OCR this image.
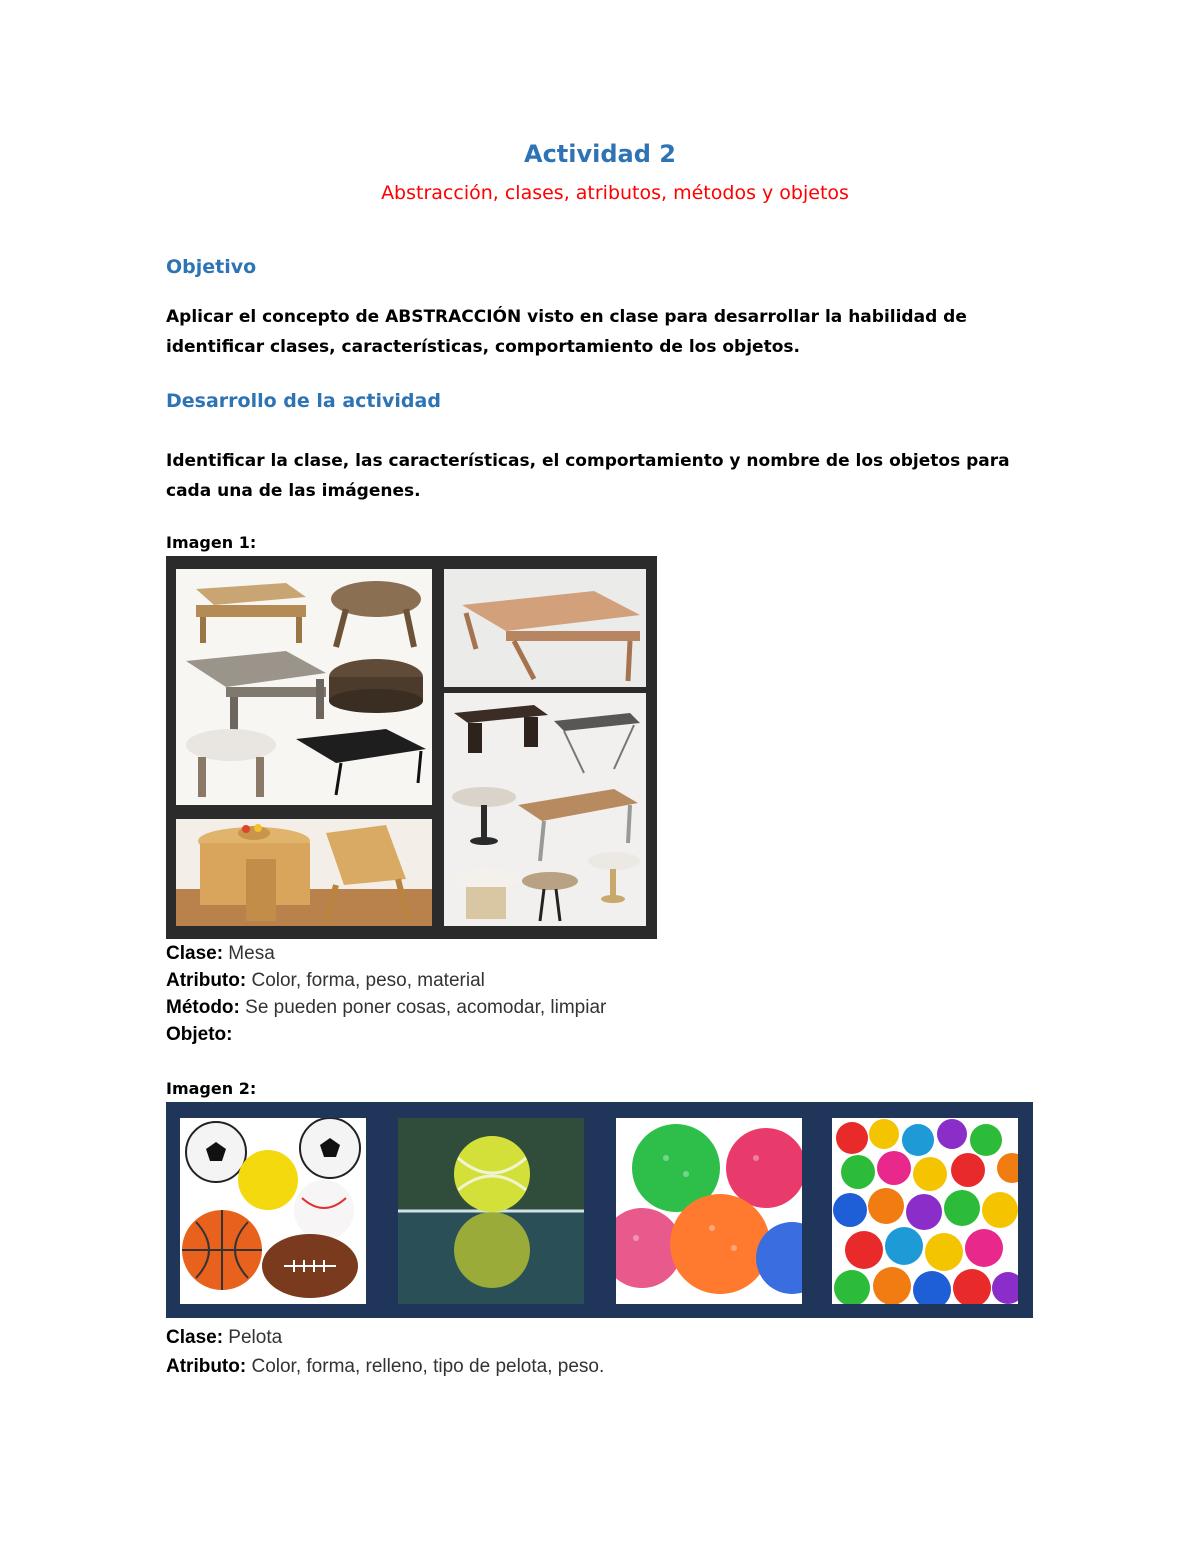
Actividad 2
Abstracción, clases, atributos, métodos y objetos
Objetivo
Aplicar el concepto de ABSTRACCIÓN visto en clase para desarrollar la habilidad de identificar clases, características, comportamiento de los objetos.
Desarrollo de la actividad
Identificar la clase, las características, el comportamiento y nombre de los objetos para cada una de las imágenes.
Imagen 1:
Clase: Mesa
Atributo: Color, forma, peso, material
Método: Se pueden poner cosas, acomodar, limpiar
Objeto:
Imagen 2:
Clase: Pelota
Atributo: Color, forma, relleno, tipo de pelota, peso.
